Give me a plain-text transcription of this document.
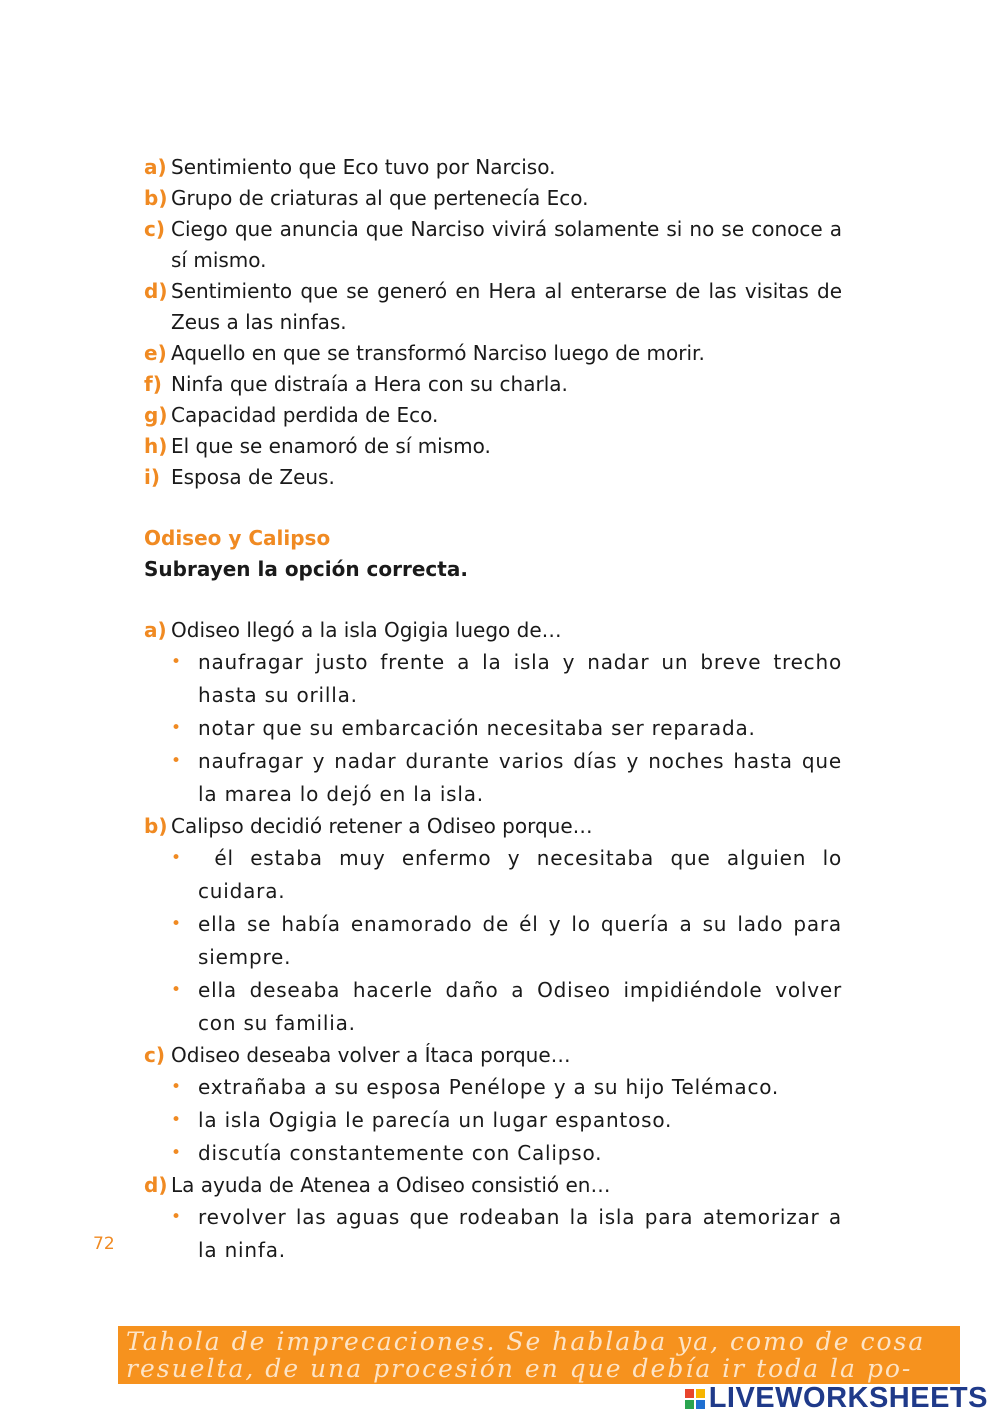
a) Sentimiento que Eco tuvo por Narciso.
b) Grupo de criaturas al que pertenecía Eco.
c) Ciego que anuncia que Narciso vivirá solamente si no se conoce a sí mismo.
d) Sentimiento que se generó en Hera al enterarse de las visitas de Zeus a las ninfas.
e) Aquello en que se transformó Narciso luego de morir.
f) Ninfa que distraía a Hera con su charla.
g) Capacidad perdida de Eco.
h) El que se enamoró de sí mismo.
i) Esposa de Zeus.
Odiseo y Calipso
Subrayen la opción correcta.
a) Odiseo llegó a la isla Ogigia luego de…
• naufragar justo frente a la isla y nadar un breve trecho hasta su orilla.
• notar que su embarcación necesitaba ser reparada.
• naufragar y nadar durante varios días y noches hasta que la marea lo dejó en la isla.
b) Calipso decidió retener a Odiseo porque…
• él estaba muy enfermo y necesitaba que alguien lo cuidara.
• ella se había enamorado de él y lo quería a su lado para siempre.
• ella deseaba hacerle daño a Odiseo impidiéndole volver con su familia.
c) Odiseo deseaba volver a Ítaca porque…
• extrañaba a su esposa Penélope y a su hijo Telémaco.
• la isla Ogigia le parecía un lugar espantoso.
• discutía constantemente con Calipso.
d) La ayuda de Atenea a Odiseo consistió en…
• revolver las aguas que rodeaban la isla para atemorizar a la ninfa.
72
Tahola de imprecaciones. Se hablaba ya, como de cosa
resuelta, de una procesión en que debía ir toda la po-
LIVEWORKSHEETS
